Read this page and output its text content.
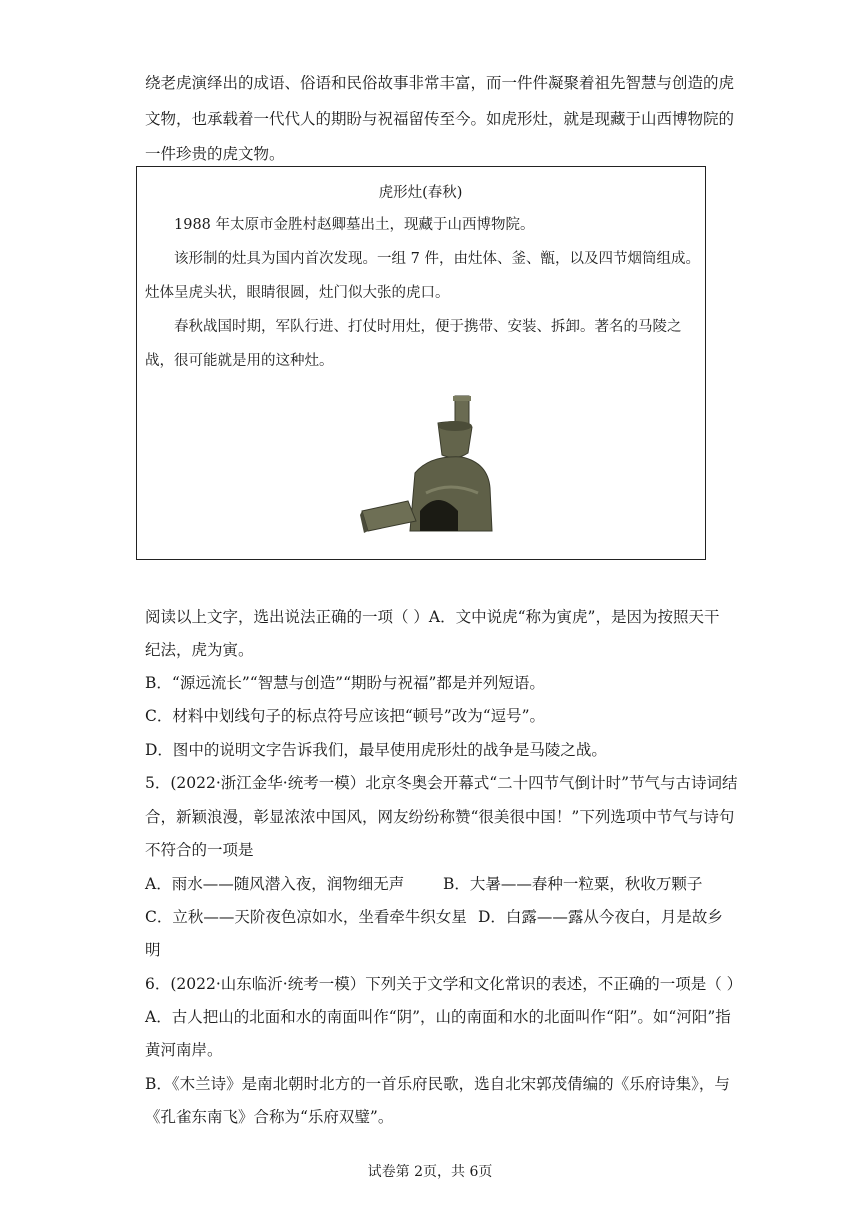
绕老虎演绎出的成语、俗语和民俗故事非常丰富，而一件件凝聚着祖先智慧与创造的虎
文物，也承载着一代代人的期盼与祝福留传至今。如虎形灶，就是现藏于山西博物院的
一件珍贵的虎文物。
虎形灶(春秋)
1988 年太原市金胜村赵卿墓出土，现藏于山西博物院。
该形制的灶具为国内首次发现。一组 7 件，由灶体、釜、甑，以及四节烟筒组成。
灶体呈虎头状，眼睛很圆，灶门似大张的虎口。
春秋战国时期，军队行进、打仗时用灶，便于携带、安装、拆卸。著名的马陵之
战，很可能就是用的这种灶。
阅读以上文字，选出说法正确的一项（ ）A．文中说虎“称为寅虎”，是因为按照天干
纪法，虎为寅。
B．“源远流长”“智慧与创造”“期盼与祝福”都是并列短语。
C．材料中划线句子的标点符号应该把“顿号”改为“逗号”。
D．图中的说明文字告诉我们，最早使用虎形灶的战争是马陵之战。
5．(2022·浙江金华·统考一模）北京冬奥会开幕式“二十四节气倒计时”节气与古诗词结
合，新颖浪漫，彰显浓浓中国风，网友纷纷称赞“很美很中国！”下列选项中节气与诗句
不符合的一项是
A．雨水——随风潜入夜，润物细无声	B．大暑——春种一粒粟，秋收万颗子
C．立秋——天阶夜色凉如水，坐看牵牛织女星 D．白露——露从今夜白，月是故乡
明
6．(2022·山东临沂·统考一模）下列关于文学和文化常识的表述，不正确的一项是（ ）
A．古人把山的北面和水的南面叫作“阴”，山的南面和水的北面叫作“阳”。如“河阳”指
黄河南岸。
B．《木兰诗》是南北朝时北方的一首乐府民歌，选自北宋郭茂倩编的《乐府诗集》，与
《孔雀东南飞》合称为“乐府双璧”。
试卷第 2页，共 6页
